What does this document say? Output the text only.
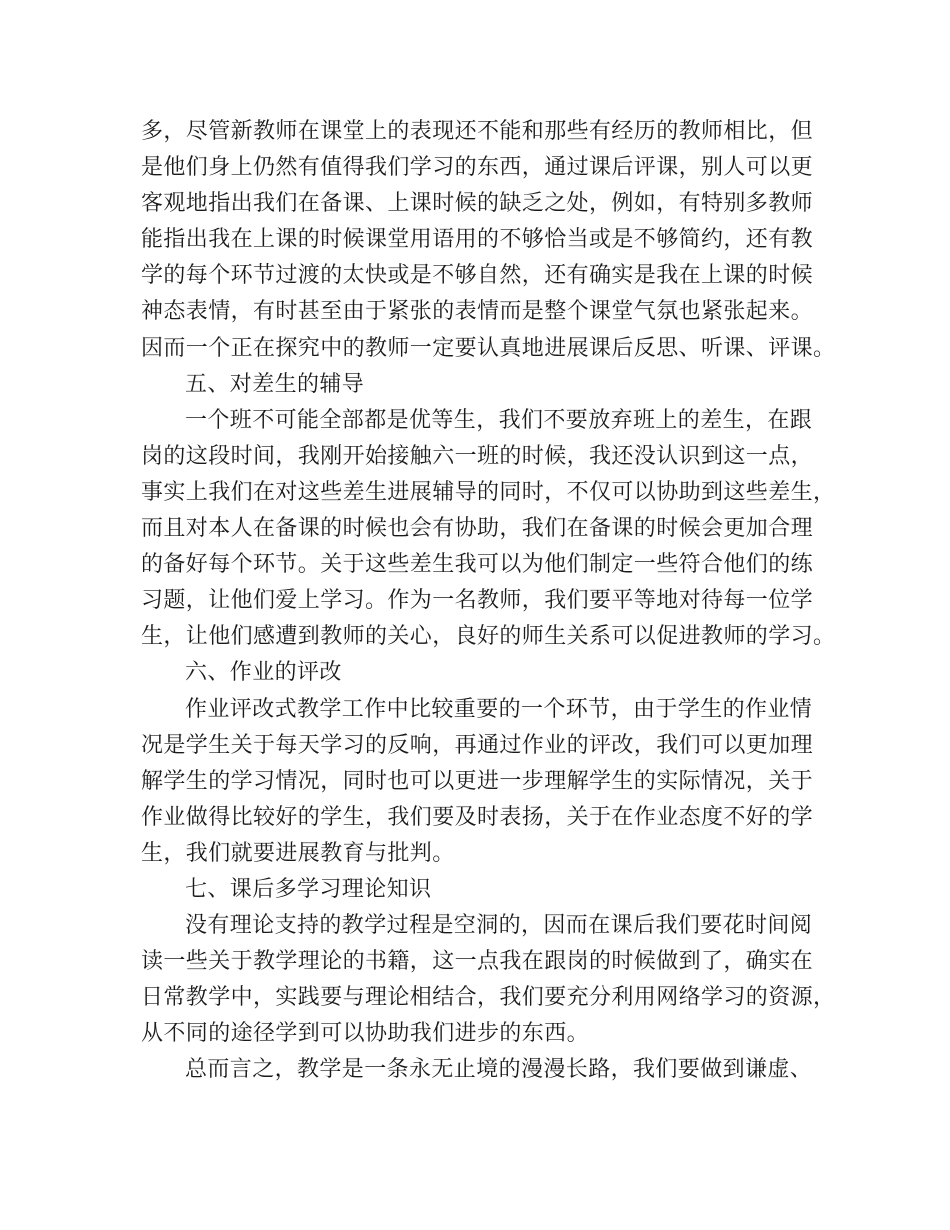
多，尽管新教师在课堂上的表现还不能和那些有经历的教师相比，但
是他们身上仍然有值得我们学习的东西，通过课后评课，别人可以更
客观地指出我们在备课、上课时候的缺乏之处，例如，有特别多教师
能指出我在上课的时候课堂用语用的不够恰当或是不够简约，还有教
学的每个环节过渡的太快或是不够自然，还有确实是我在上课的时候
神态表情，有时甚至由于紧张的表情而是整个课堂气氛也紧张起来。
因而一个正在探究中的教师一定要认真地进展课后反思、听课、评课。
五、对差生的辅导
一个班不可能全部都是优等生，我们不要放弃班上的差生，在跟
岗的这段时间，我刚开始接触六一班的时候，我还没认识到这一点，
事实上我们在对这些差生进展辅导的同时，不仅可以协助到这些差生，
而且对本人在备课的时候也会有协助，我们在备课的时候会更加合理
的备好每个环节。关于这些差生我可以为他们制定一些符合他们的练
习题，让他们爱上学习。作为一名教师，我们要平等地对待每一位学
生，让他们感遭到教师的关心，良好的师生关系可以促进教师的学习。
六、作业的评改
作业评改式教学工作中比较重要的一个环节，由于学生的作业情
况是学生关于每天学习的反响，再通过作业的评改，我们可以更加理
解学生的学习情况，同时也可以更进一步理解学生的实际情况，关于
作业做得比较好的学生，我们要及时表扬，关于在作业态度不好的学
生，我们就要进展教育与批判。
七、课后多学习理论知识
没有理论支持的教学过程是空洞的，因而在课后我们要花时间阅
读一些关于教学理论的书籍，这一点我在跟岗的时候做到了，确实在
日常教学中，实践要与理论相结合，我们要充分利用网络学习的资源，
从不同的途径学到可以协助我们进步的东西。
总而言之，教学是一条永无止境的漫漫长路，我们要做到谦虚、
